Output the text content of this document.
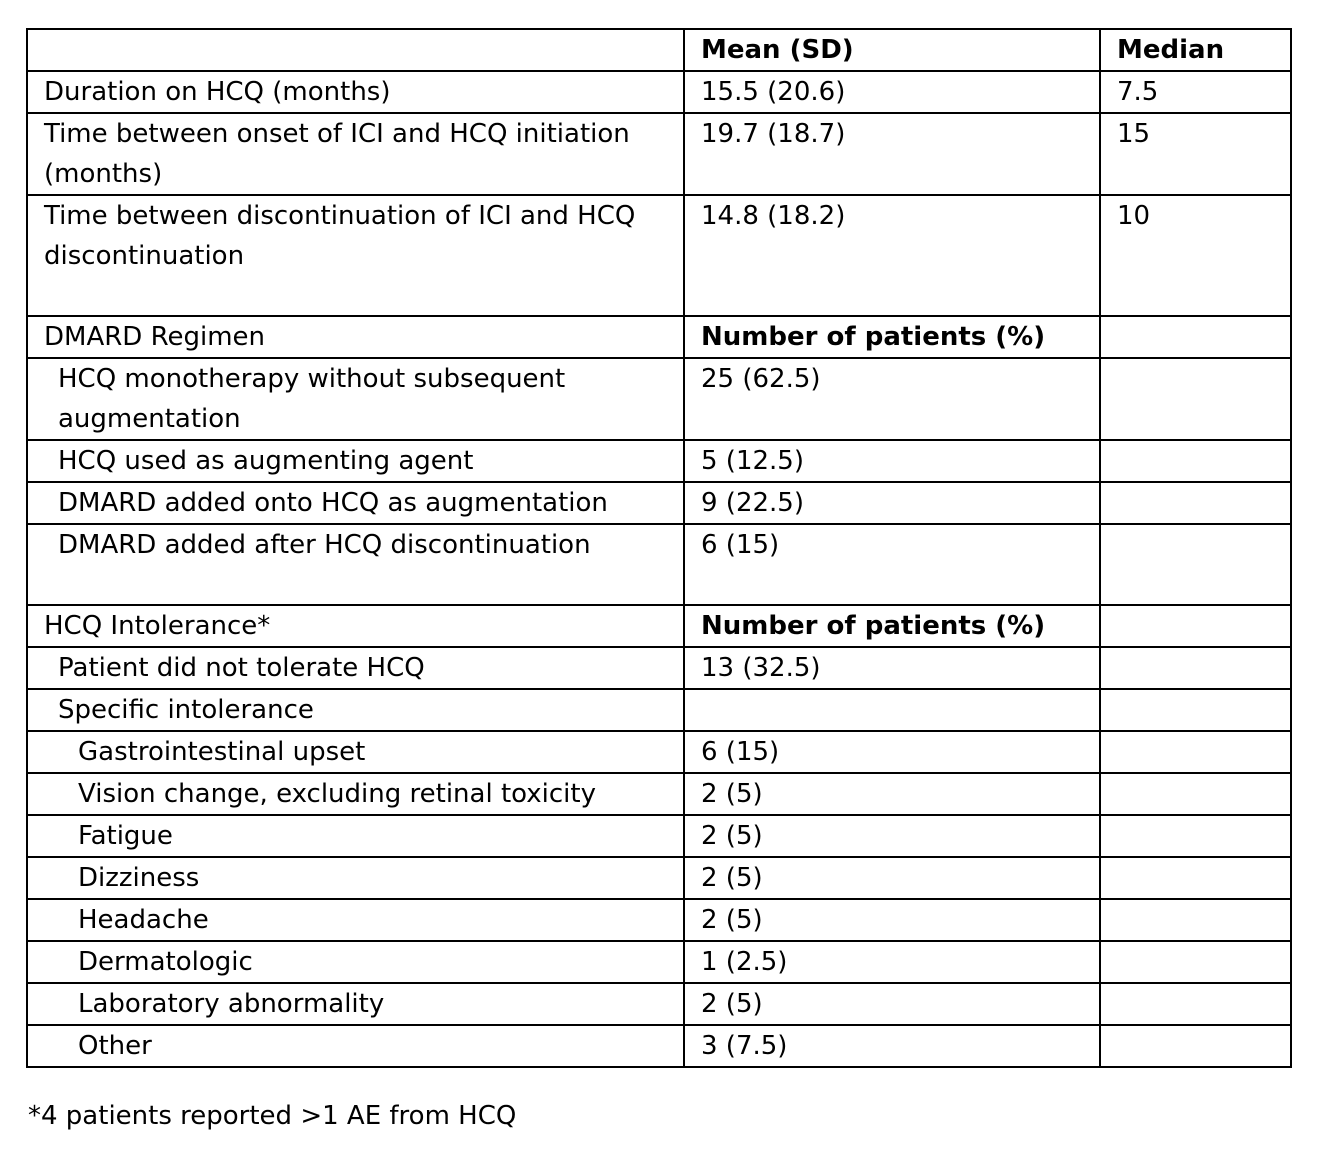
	Mean (SD)	Median
Duration on HCQ (months)	15.5 (20.6)	7.5
Time between onset of ICI and HCQ initiation (months)	19.7 (18.7)	15
Time between discontinuation of ICI and HCQ discontinuation	14.8 (18.2)	10
DMARD Regimen	Number of patients (%)	
HCQ monotherapy without subsequent augmentation	25 (62.5)	
HCQ used as augmenting agent	5 (12.5)	
DMARD added onto HCQ as augmentation	9 (22.5)	
DMARD added after HCQ discontinuation	6 (15)	
HCQ Intolerance*	Number of patients (%)	
Patient did not tolerate HCQ	13 (32.5)	
Specific intolerance		
Gastrointestinal upset	6 (15)	
Vision change, excluding retinal toxicity	2 (5)	
Fatigue	2 (5)	
Dizziness	2 (5)	
Headache	2 (5)	
Dermatologic	1 (2.5)	
Laboratory abnormality	2 (5)	
Other	3 (7.5)	

*4 patients reported >1 AE from HCQ
